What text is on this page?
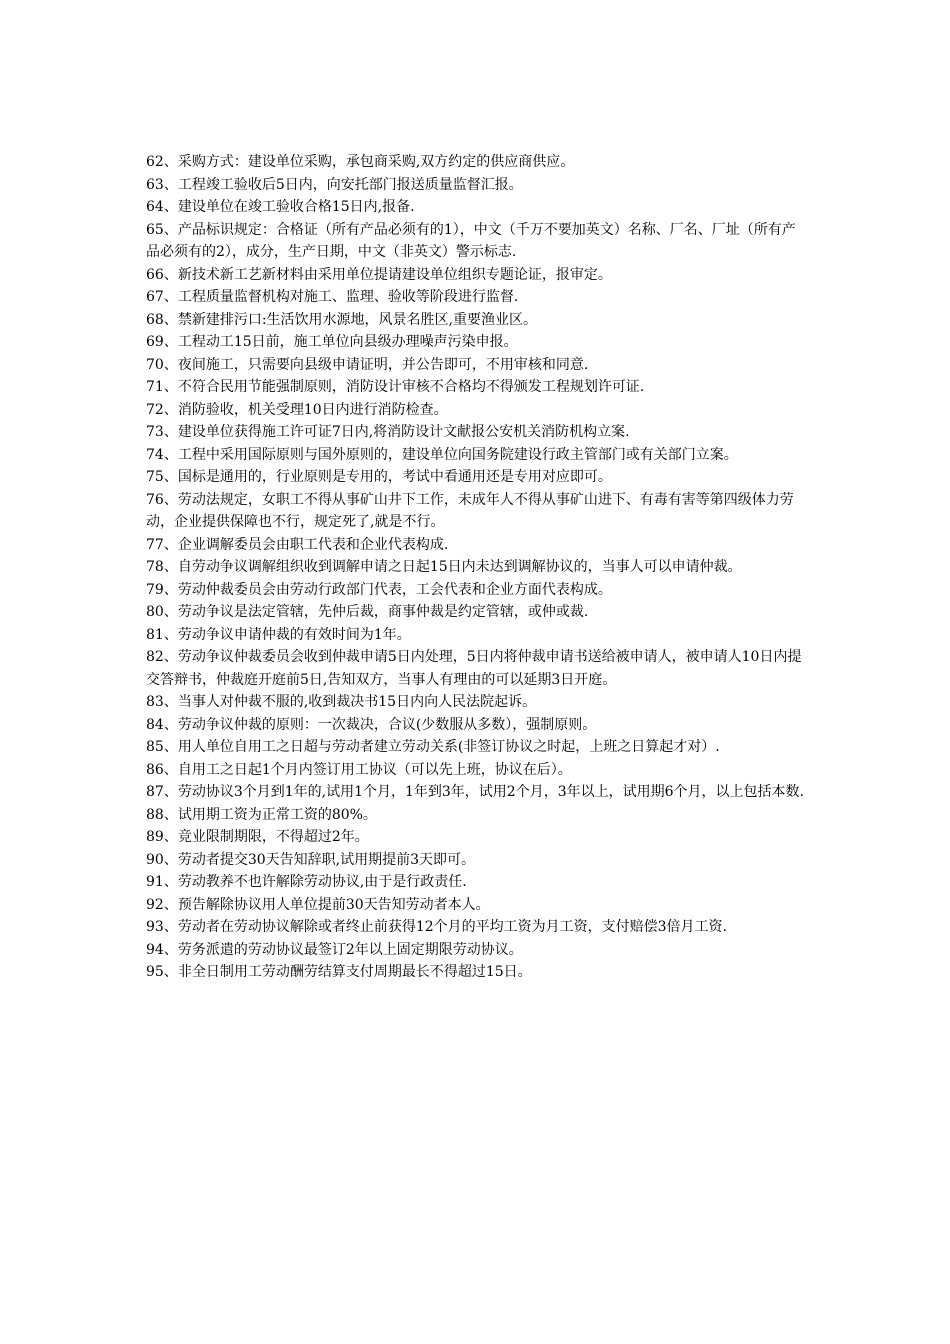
62、采购方式：建设单位采购，承包商采购,双方约定的供应商供应。

63、工程竣工验收后5日内，向安托部门报送质量监督汇报。

64、建设单位在竣工验收合格15日内,报备.

65、产品标识规定：合格证（所有产品必须有的1），中文（千万不要加英文）名称、厂名、厂址（所有产品必须有的2），成分，生产日期，中文（非英文）警示标志.

66、新技术新工艺新材料由采用单位提请建设单位组织专题论证，报审定。

67、工程质量监督机构对施工、监理、验收等阶段进行监督.

68、禁新建排污口:生活饮用水源地，风景名胜区,重要渔业区。

69、工程动工15日前，施工单位向县级办理噪声污染申报。

70、夜间施工，只需要向县级申请证明，并公告即可，不用审核和同意.

71、不符合民用节能强制原则，消防设计审核不合格均不得颁发工程规划许可证.

72、消防验收，机关受理10日内进行消防检查。

73、建设单位获得施工许可证7日内,将消防设计文献报公安机关消防机构立案.

74、工程中采用国际原则与国外原则的，建设单位向国务院建设行政主管部门或有关部门立案。

75、国标是通用的，行业原则是专用的，考试中看通用还是专用对应即可。

76、劳动法规定，女职工不得从事矿山井下工作，未成年人不得从事矿山进下、有毒有害等第四级体力劳动，企业提供保障也不行，规定死了,就是不行。

77、企业调解委员会由职工代表和企业代表构成.

78、自劳动争议调解组织收到调解申请之日起15日内未达到调解协议的，当事人可以申请仲裁。

79、劳动仲裁委员会由劳动行政部门代表，工会代表和企业方面代表构成。

80、劳动争议是法定管辖，先仲后裁，商事仲裁是约定管辖，或仲或裁.

81、劳动争议申请仲裁的有效时间为1年。

82、劳动争议仲裁委员会收到仲裁申请5日内处理，5日内将仲裁申请书送给被申请人，被申请人10日内提交答辩书，仲裁庭开庭前5日,告知双方，当事人有理由的可以延期3日开庭。

83、当事人对仲裁不服的,收到裁决书15日内向人民法院起诉。

84、劳动争议仲裁的原则：一次裁决，合议(少数服从多数），强制原则。

85、用人单位自用工之日超与劳动者建立劳动关系(非签订协议之时起，上班之日算起才对）.

86、自用工之日起1个月内签订用工协议（可以先上班，协议在后）。

87、劳动协议3个月到1年的,试用1个月，1年到3年，试用2个月，3年以上，试用期6个月，以上包括本数.

88、试用期工资为正常工资的80%。

89、竞业限制期限，不得超过2年。

90、劳动者提交30天告知辞职,试用期提前3天即可。

91、劳动教养不也许解除劳动协议,由于是行政责任.

92、预告解除协议用人单位提前30天告知劳动者本人。

93、劳动者在劳动协议解除或者终止前获得12个月的平均工资为月工资，支付赔偿3倍月工资.

94、劳务派遣的劳动协议最签订2年以上固定期限劳动协议。

95、非全日制用工劳动酬劳结算支付周期最长不得超过15日。
